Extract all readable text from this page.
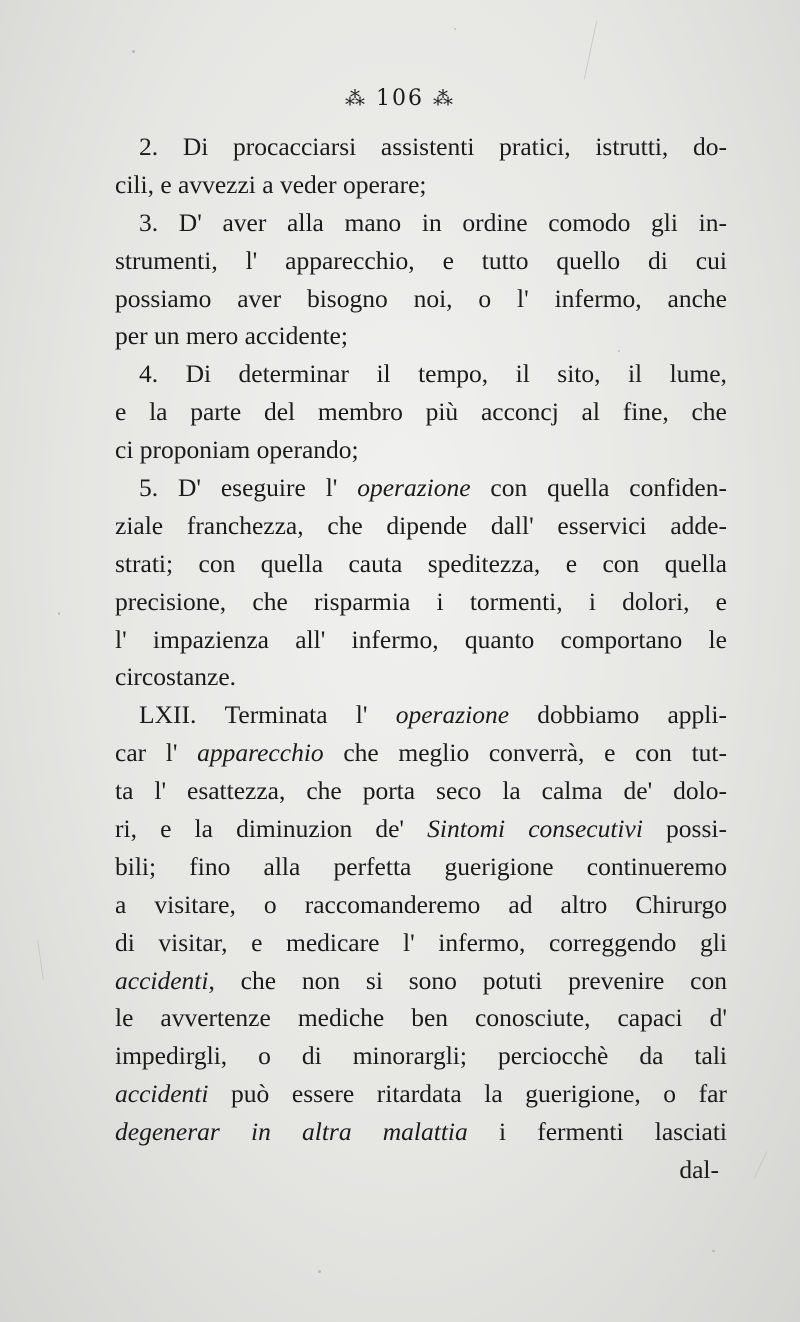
⁂ 106 ⁂
2. Di procacciarsi assistenti pratici, istrutti, do-
cili, e avvezzi a veder operare;
3. D' aver alla mano in ordine comodo gli in-
strumenti, l' apparecchio, e tutto quello di cui
possiamo aver bisogno noi, o l' infermo, anche
per un mero accidente;
4. Di determinar il tempo, il sito, il lume,
e la parte del membro più acconcj al fine, che
ci proponiam operando;
5. D' eseguire l' operazione con quella confiden-
ziale franchezza, che dipende dall' esservici adde-
strati; con quella cauta speditezza, e con quella
precisione, che risparmia i tormenti, i dolori, e
l' impazienza all' infermo, quanto comportano le
circostanze.
LXII. Terminata l' operazione dobbiamo appli-
car l' apparecchio che meglio converrà, e con tut-
ta l' esattezza, che porta seco la calma de' dolo-
ri, e la diminuzion de' Sintomi consecutivi possi-
bili; fino alla perfetta guerigione continueremo
a visitare, o raccomanderemo ad altro Chirurgo
di visitar, e medicare l' infermo, correggendo gli
accidenti, che non si sono potuti prevenire con
le avvertenze mediche ben conosciute, capaci d'
impedirgli, o di minorargli; perciocchè da tali
accidenti può essere ritardata la guerigione, o far
degenerar in altra malattia i fermenti lasciati
dal-
